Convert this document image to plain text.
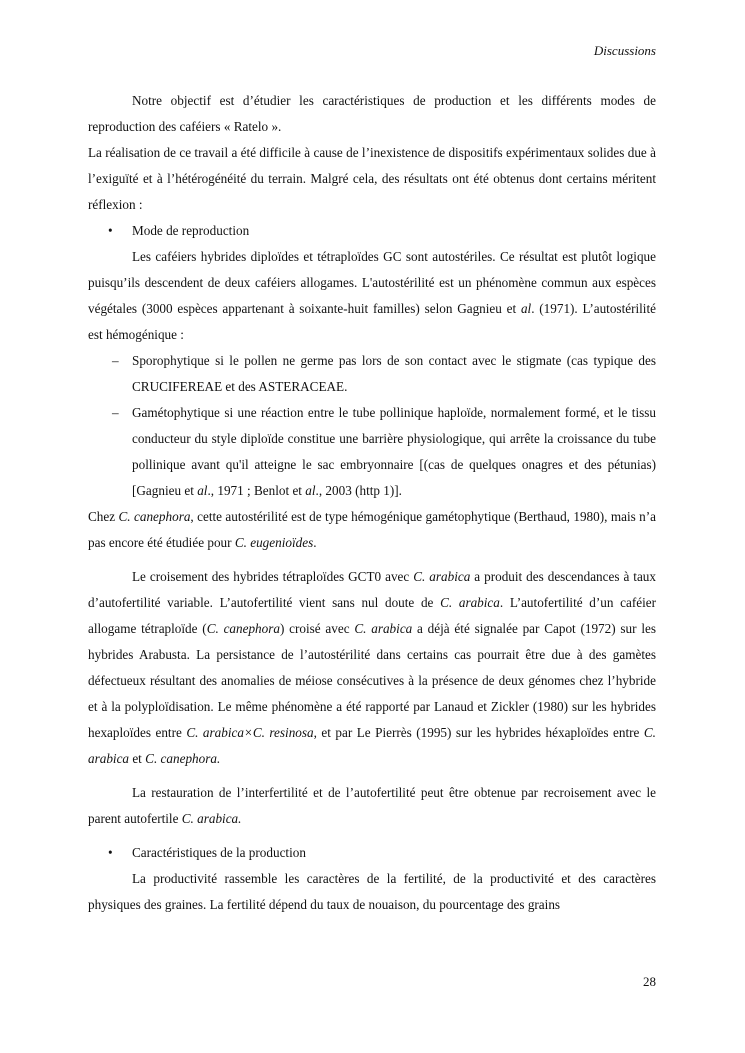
Discussions

Notre objectif est d’étudier les caractéristiques de production et les différents modes de reproduction des caféiers « Ratelo ».

La réalisation de ce travail a été difficile à cause de l’inexistence de dispositifs expérimentaux solides due à l’exiguïté et à l’hétérogénéité du terrain. Malgré cela, des résultats ont été obtenus dont certains méritent réflexion :

• Mode de reproduction

Les caféiers hybrides diploïdes et tétraploïdes GC sont autostériles. Ce résultat est plutôt logique puisqu’ils descendent de deux caféiers allogames. L'autostérilité est un phénomène commun aux espèces végétales (3000 espèces appartenant à soixante-huit familles) selon Gagnieu et al. (1971). L’autostérilité est hémogénique :

– Sporophytique si le pollen ne germe pas lors de son contact avec le stigmate (cas typique des CRUCIFEREAE et des ASTERACEAE.
– Gamétophytique si une réaction entre le tube pollinique haploïde, normalement formé, et le tissu conducteur du style diploïde constitue une barrière physiologique, qui arrête la croissance du tube pollinique avant qu'il atteigne le sac embryonnaire [(cas de quelques onagres et des pétunias) [Gagnieu et al., 1971 ; Benlot et al., 2003 (http 1)].

Chez C. canephora, cette autostérilité est de type hémogénique gamétophytique (Berthaud, 1980), mais n’a pas encore été étudiée pour C. eugenioïdes.

Le croisement des hybrides tétraploïdes GCT0 avec C. arabica a produit des descendances à taux d’autofertilité variable. L’autofertilité vient sans nul doute de C. arabica. L’autofertilité d’un caféier allogame tétraploïde (C. canephora) croisé avec C. arabica a déjà été signalée par Capot (1972) sur les hybrides Arabusta. La persistance de l’autostérilité dans certains cas pourrait être due à des gamètes défectueux résultant des anomalies de méiose consécutives à la présence de deux génomes chez l’hybride et à la polyploïdisation. Le même phénomène a été rapporté par Lanaud et Zickler (1980) sur les hybrides hexaploïdes entre C. arabica×C. resinosa, et par Le Pierrès (1995) sur les hybrides héxaploïdes entre C. arabica et C. canephora.

La restauration de l’interfertilité et de l’autofertilité peut être obtenue par recroisement avec le parent autofertile C. arabica.

• Caractéristiques de la production

La productivité rassemble les caractères de la fertilité, de la productivité et des caractères physiques des graines. La fertilité dépend du taux de nouaison, du pourcentage des grains

28
